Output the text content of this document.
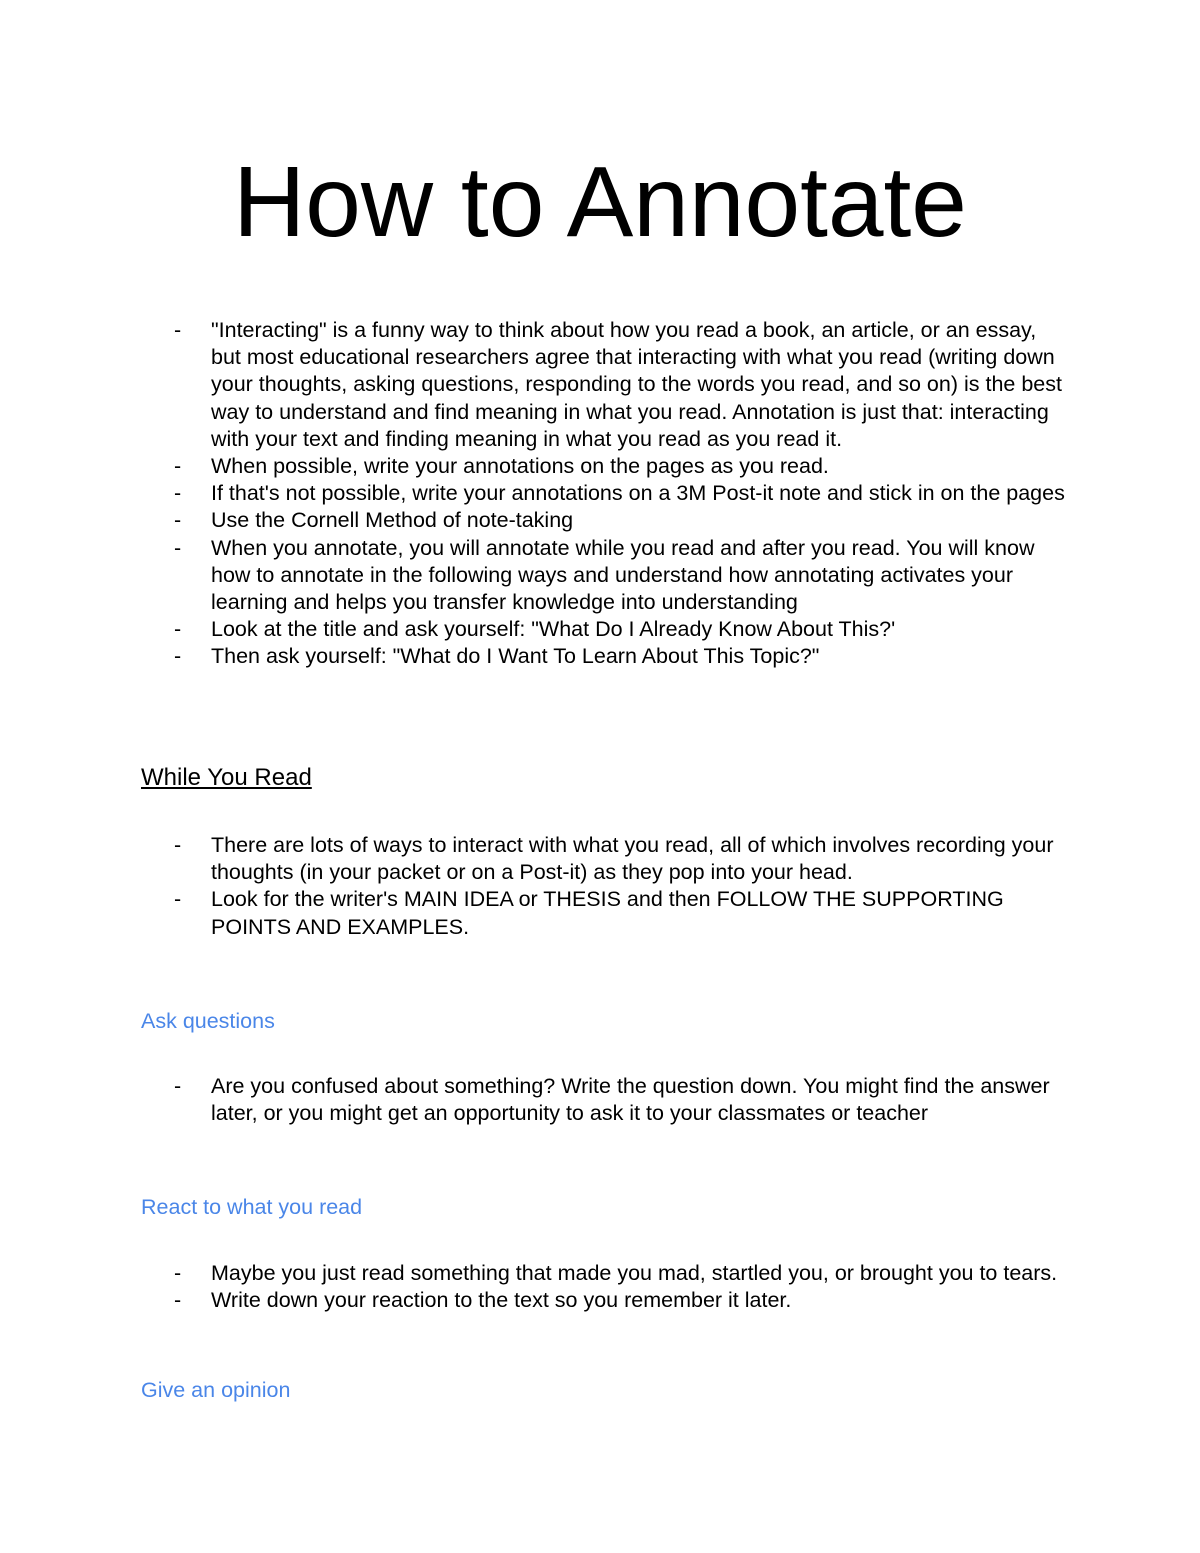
How to Annotate
- "Interacting" is a funny way to think about how you read a book, an article, or an essay, but most educational researchers agree that interacting with what you read (writing down your thoughts, asking questions, responding to the words you read, and so on) is the best way to understand and find meaning in what you read. Annotation is just that: interacting with your text and finding meaning in what you read as you read it.
- When possible, write your annotations on the pages as you read.
- If that's not possible, write your annotations on a 3M Post-it note and stick in on the pages
- Use the Cornell Method of note-taking
- When you annotate, you will annotate while you read and after you read. You will know how to annotate in the following ways and understand how annotating activates your learning and helps you transfer knowledge into understanding
- Look at the title and ask yourself: "What Do I Already Know About This?'
- Then ask yourself: "What do I Want To Learn About This Topic?"
While You Read
- There are lots of ways to interact with what you read, all of which involves recording your thoughts (in your packet or on a Post-it) as they pop into your head.
- Look for the writer's MAIN IDEA or THESIS and then FOLLOW THE SUPPORTING POINTS AND EXAMPLES.
Ask questions
- Are you confused about something? Write the question down. You might find the answer later, or you might get an opportunity to ask it to your classmates or teacher
React to what you read
- Maybe you just read something that made you mad, startled you, or brought you to tears.
- Write down your reaction to the text so you remember it later.
Give an opinion
